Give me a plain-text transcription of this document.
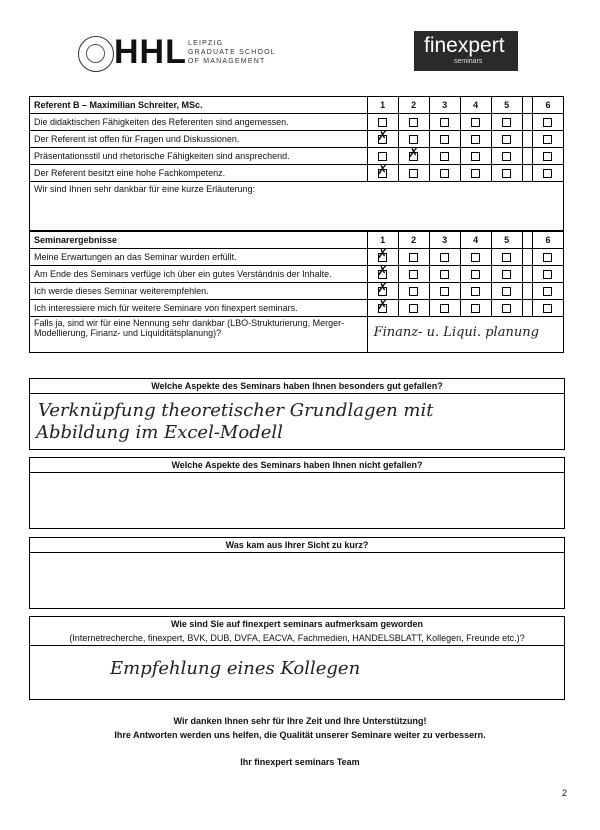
HHL LEIPZIG
GRADUATE SCHOOL
OF MANAGEMENT
finexpert
seminars
Referent B – Maximilian Schreiter, MSc.	1	2	3	4	5		6
Die didaktischen Fähigkeiten des Referenten sind angemessen.							
Der Referent ist offen für Fragen und Diskussionen.	✗						
Präsentationsstil und rhetorische Fähigkeiten sind ansprechend.		✗					
Der Referent besitzt eine hohe Fachkompetenz.	✗						
Wir sind Ihnen sehr dankbar für eine kurze Erläuterung:							
Seminarergebnisse	1	2	3	4	5		6
Meine Erwartungen an das Seminar wurden erfüllt.	✗						
Am Ende des Seminars verfüge ich über ein gutes Verständnis der Inhalte.	✗						
Ich werde dieses Seminar weiterempfehlen.	✗						
Ich interessiere mich für weitere Seminare von finexpert seminars.	✗						
Falls ja, sind wir für eine Nennung sehr dankbar (LBO-Strukturierung, Merger-Modellierung, Finanz- und Liquiditätsplanung)?	Finanz- u. Liqui. planung						
Welche Aspekte des Seminars haben Ihnen besonders gut gefallen?
Verknüpfung theoretischer Grundlagen mit
Abbildung im Excel-Modell
Welche Aspekte des Seminars haben Ihnen nicht gefallen?
Was kam aus Ihrer Sicht zu kurz?
Wie sind Sie auf finexpert seminars aufmerksam geworden
(Internetrecherche, finexpert, BVK, DUB, DVFA, EACVA, Fachmedien, HANDELSBLATT, Kollegen, Freunde etc.)?
Empfehlung eines Kollegen
Wir danken Ihnen sehr für Ihre Zeit und Ihre Unterstützung!
Ihre Antworten werden uns helfen, die Qualität unserer Seminare weiter zu verbessern.
Ihr finexpert seminars Team
2
